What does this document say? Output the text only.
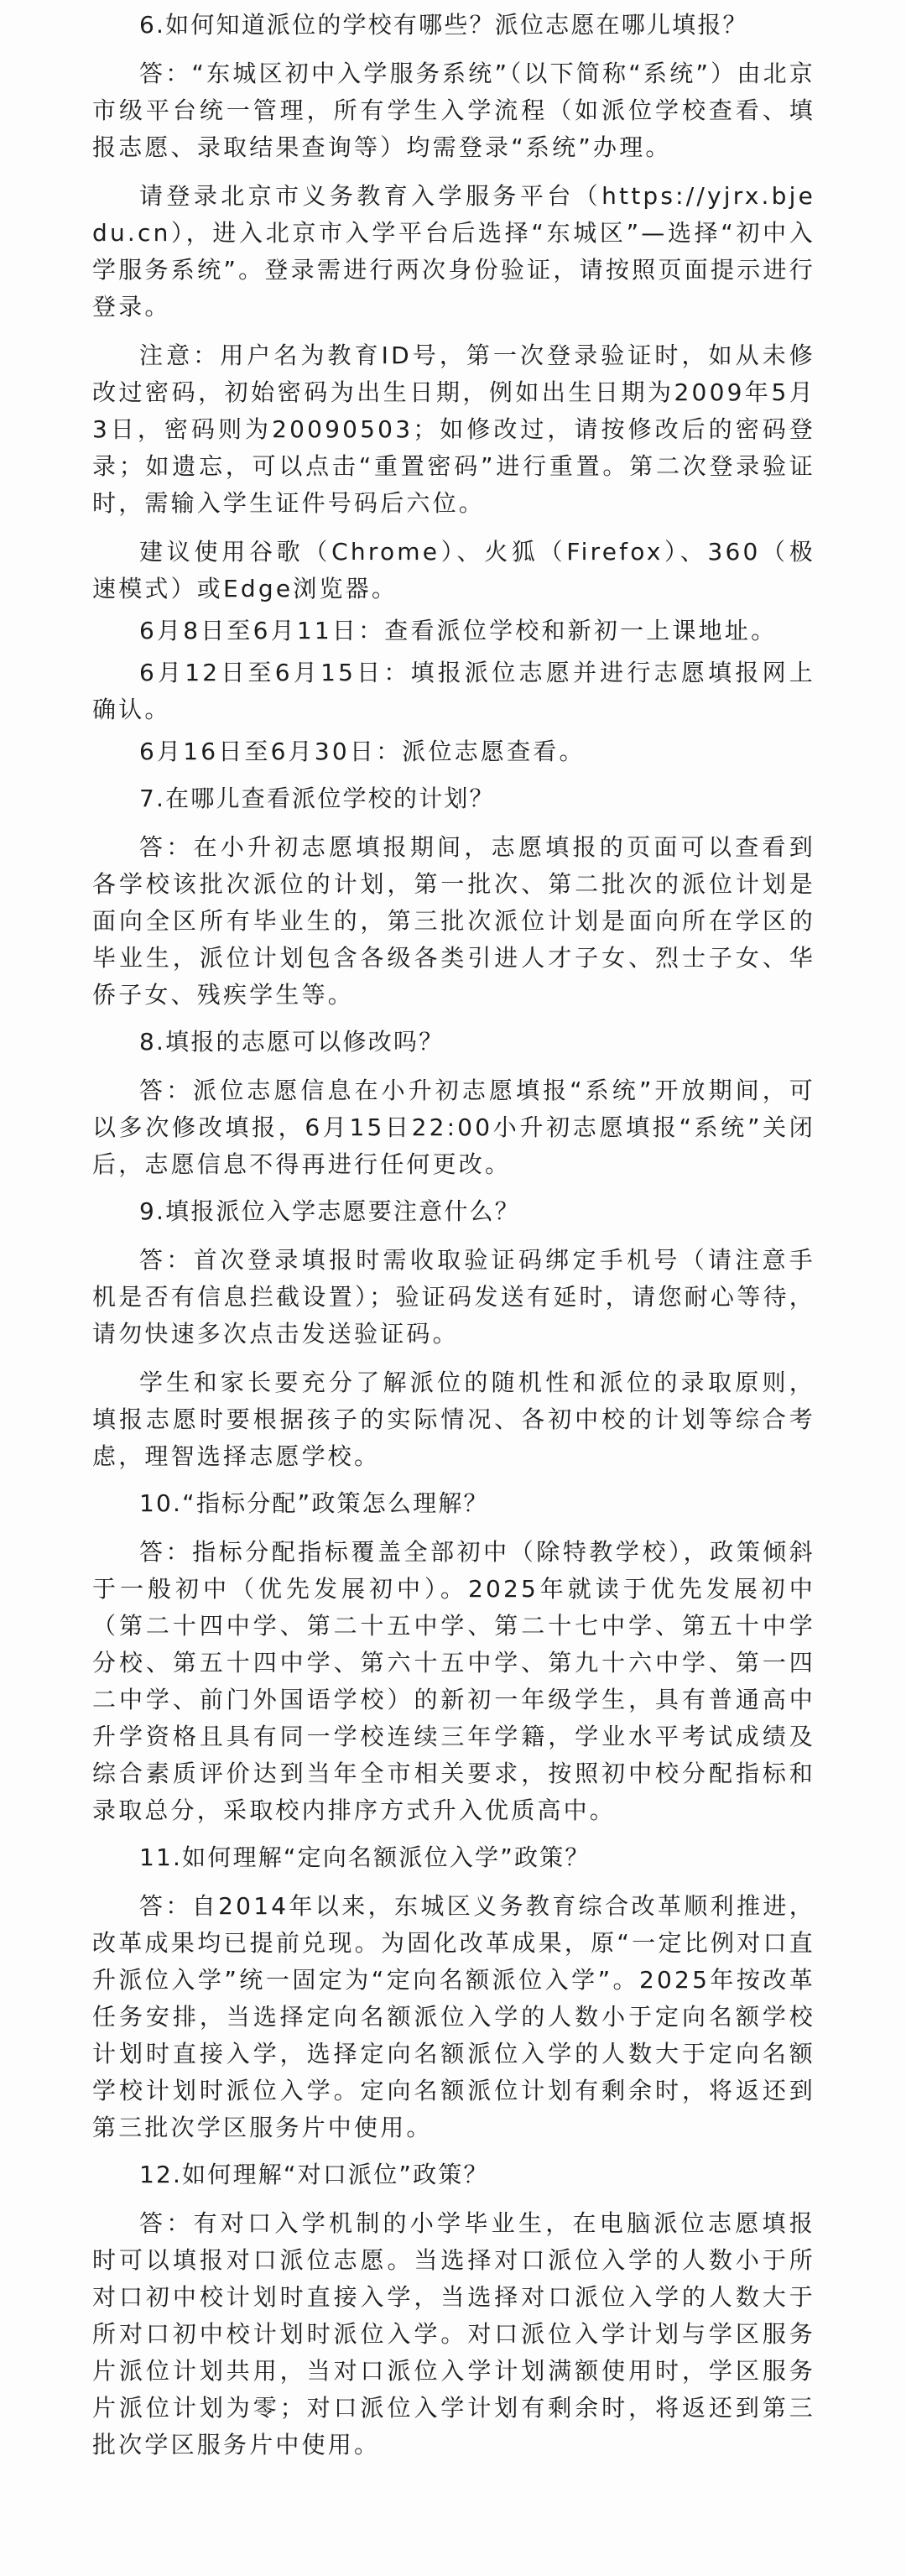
6.如何知道派位的学校有哪些？派位志愿在哪儿填报？

答：“东城区初中入学服务系统”（以下简称“系统”）由北京市级平台统一管理，所有学生入学流程（如派位学校查看、填报志愿、录取结果查询等）均需登录“系统”办理。

请登录北京市义务教育入学服务平台（https://yjrx.bjedu.cn），进入北京市入学平台后选择“东城区”—选择“初中入学服务系统”。登录需进行两次身份验证，请按照页面提示进行登录。

注意：用户名为教育ID号，第一次登录验证时，如从未修改过密码，初始密码为出生日期，例如出生日期为2009年5月3日，密码则为20090503；如修改过，请按修改后的密码登录；如遗忘，可以点击“重置密码”进行重置。第二次登录验证时，需输入学生证件号码后六位。

建议使用谷歌（Chrome）、火狐（Firefox）、360（极速模式）或Edge浏览器。

6月8日至6月11日：查看派位学校和新初一上课地址。

6月12日至6月15日：填报派位志愿并进行志愿填报网上确认。

6月16日至6月30日：派位志愿查看。

7.在哪儿查看派位学校的计划？

答：在小升初志愿填报期间，志愿填报的页面可以查看到各学校该批次派位的计划，第一批次、第二批次的派位计划是面向全区所有毕业生的，第三批次派位计划是面向所在学区的毕业生，派位计划包含各级各类引进人才子女、烈士子女、华侨子女、残疾学生等。

8.填报的志愿可以修改吗？

答：派位志愿信息在小升初志愿填报“系统”开放期间，可以多次修改填报，6月15日22:00小升初志愿填报“系统”关闭后，志愿信息不得再进行任何更改。

9.填报派位入学志愿要注意什么？

答：首次登录填报时需收取验证码绑定手机号（请注意手机是否有信息拦截设置）；验证码发送有延时，请您耐心等待，请勿快速多次点击发送验证码。

学生和家长要充分了解派位的随机性和派位的录取原则，填报志愿时要根据孩子的实际情况、各初中校的计划等综合考虑，理智选择志愿学校。

10.“指标分配”政策怎么理解？

答：指标分配指标覆盖全部初中（除特教学校），政策倾斜于一般初中（优先发展初中）。2025年就读于优先发展初中（第二十四中学、第二十五中学、第二十七中学、第五十中学分校、第五十四中学、第六十五中学、第九十六中学、第一四二中学、前门外国语学校）的新初一年级学生，具有普通高中升学资格且具有同一学校连续三年学籍，学业水平考试成绩及综合素质评价达到当年全市相关要求，按照初中校分配指标和录取总分，采取校内排序方式升入优质高中。

11.如何理解“定向名额派位入学”政策？

答：自2014年以来，东城区义务教育综合改革顺利推进，改革成果均已提前兑现。为固化改革成果，原“一定比例对口直升派位入学”统一固定为“定向名额派位入学”。2025年按改革任务安排，当选择定向名额派位入学的人数小于定向名额学校计划时直接入学，选择定向名额派位入学的人数大于定向名额学校计划时派位入学。定向名额派位计划有剩余时，将返还到第三批次学区服务片中使用。

12.如何理解“对口派位”政策？

答：有对口入学机制的小学毕业生，在电脑派位志愿填报时可以填报对口派位志愿。当选择对口派位入学的人数小于所对口初中校计划时直接入学，当选择对口派位入学的人数大于所对口初中校计划时派位入学。对口派位入学计划与学区服务片派位计划共用，当对口派位入学计划满额使用时，学区服务片派位计划为零；对口派位入学计划有剩余时，将返还到第三批次学区服务片中使用。
